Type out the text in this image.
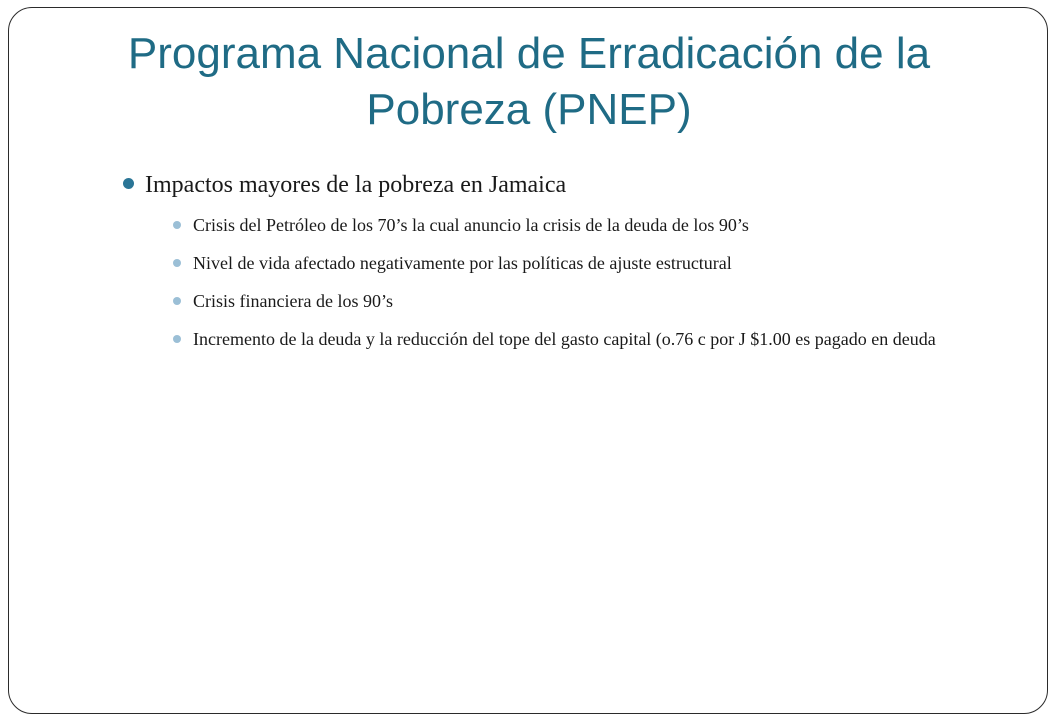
Programa Nacional de Erradicación de la
Pobreza (PNEP)
Impactos mayores de la pobreza en Jamaica
Crisis del Petróleo de los 70’s la cual anuncio la crisis de la deuda de los 90’s
Nivel de vida afectado negativamente por las políticas de ajuste estructural
Crisis financiera de los 90’s
Incremento de la deuda y la reducción del tope del gasto capital (o.76 c por J $1.00 es pagado en deuda
